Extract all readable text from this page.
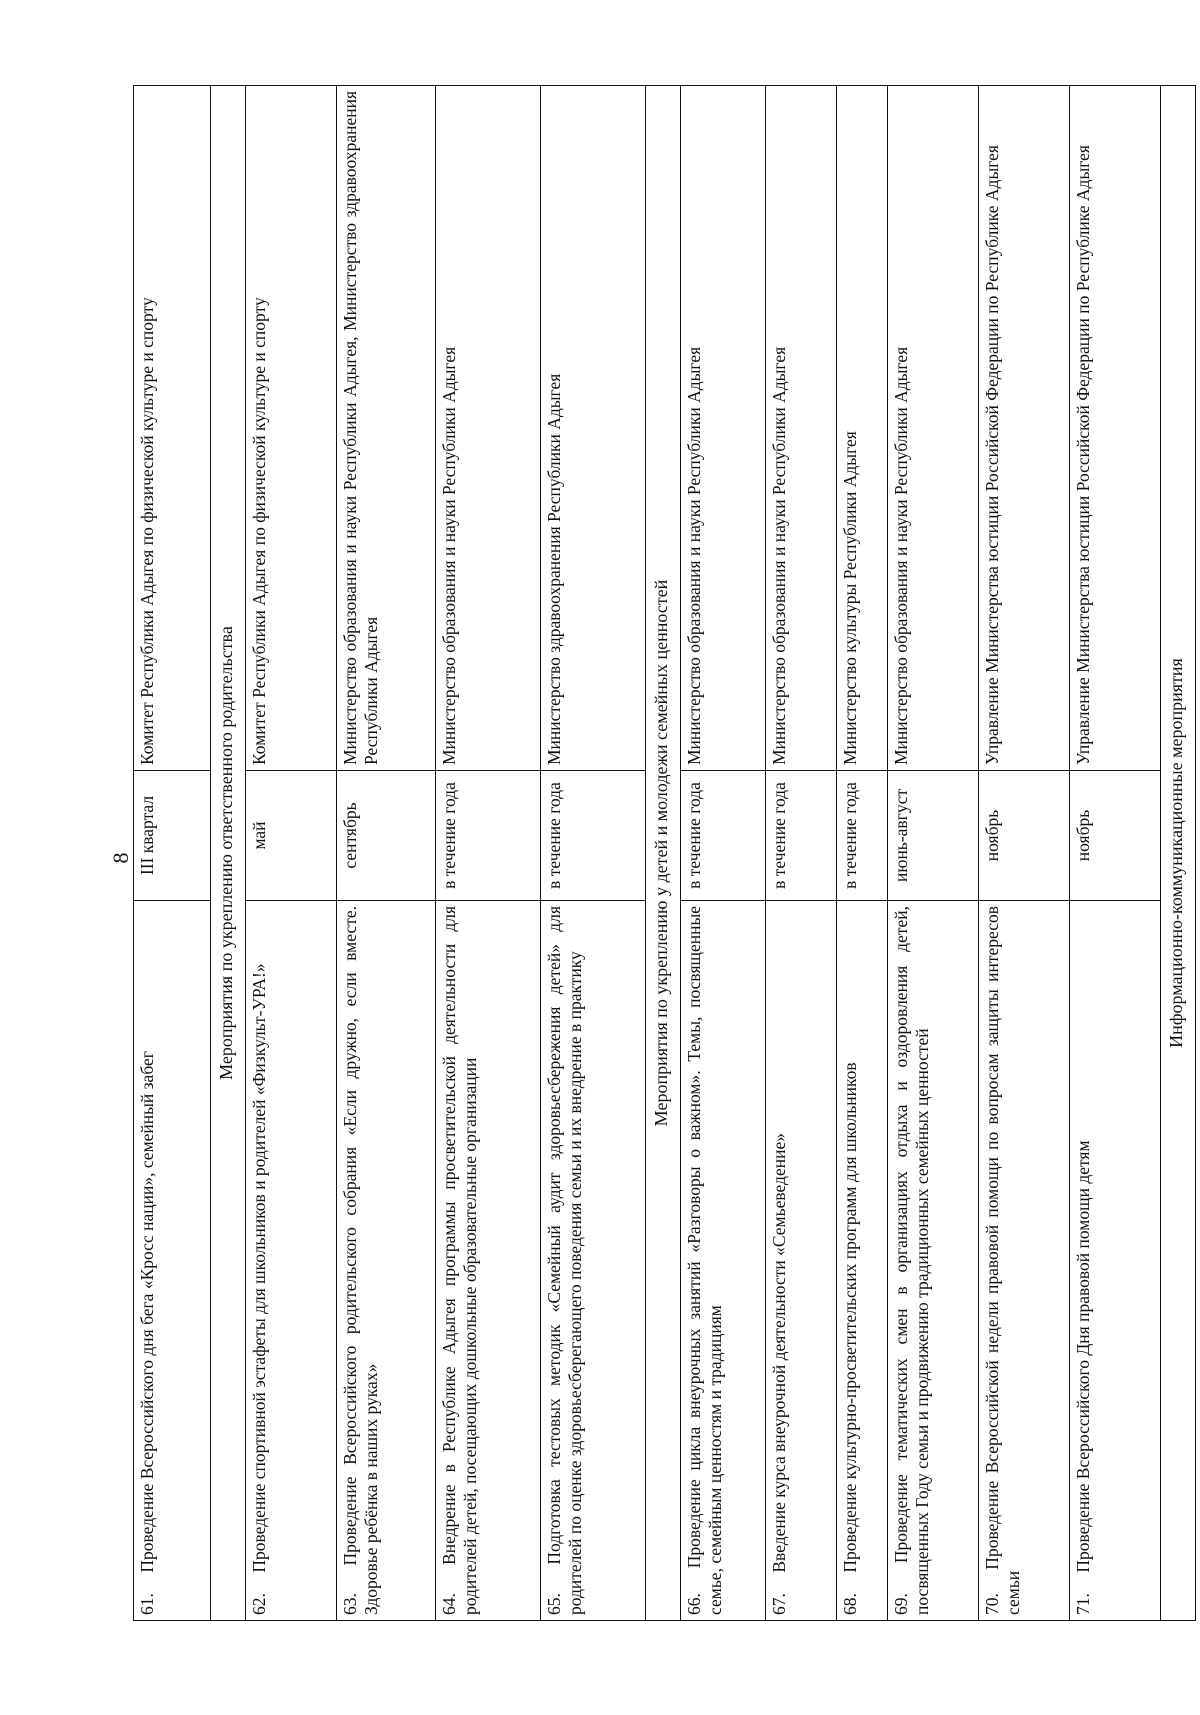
8
61. Проведение Всероссийского дня бега «Кросс нации», семейный забег	III квартал	Комитет Республики Адыгея по физической культуре и спорту
Мероприятия по укреплению ответственного родительства		
62. Проведение спортивной эстафеты для школьников и родителей «Физкульт-УРА!»	май	Комитет Республики Адыгея по физической культуре и спорту
63. Проведение Всероссийского родительского собрания «Если дружно, если вместе. Здоровье ребёнка в наших руках»	сентябрь	Министерство образования и науки Республики Адыгея, Министерство здравоохранения Республики Адыгея
64. Внедрение в Республике Адыгея программы просветительской деятельности для родителей детей, посещающих дошкольные образовательные организации	в течение года	Министерство образования и науки Республики Адыгея
65. Подготовка тестовых методик «Семейный аудит здоровьесбережения детей» для родителей по оценке здоровьесберегающего поведения семьи и их внедрение в практику	в течение года	Министерство здравоохранения Республики Адыгея
Мероприятия по укреплению у детей и молодежи семейных ценностей		
66. Проведение цикла внеурочных занятий «Разговоры о важном». Темы, посвященные семье, семейным ценностям и традициям	в течение года	Министерство образования и науки Республики Адыгея
67. Введение курса внеурочной деятельности «Семьеведение»	в течение года	Министерство образования и науки Республики Адыгея
68. Проведение культурно-просветительских программ для школьников	в течение года	Министерство культуры Республики Адыгея
69. Проведение тематических смен в организациях отдыха и оздоровления детей, посвященных Году семьи и продвижению традиционных семейных ценностей	июнь-август	Министерство образования и науки Республики Адыгея
70. Проведение Всероссийской недели правовой помощи по вопросам защиты интересов семьи	ноябрь	Управление Министерства юстиции Российской Федерации по Республике Адыгея
71. Проведение Всероссийского Дня правовой помощи детям	ноябрь	Управление Министерства юстиции Российской Федерации по Республике Адыгея
Информационно-коммуникационные мероприятия		
